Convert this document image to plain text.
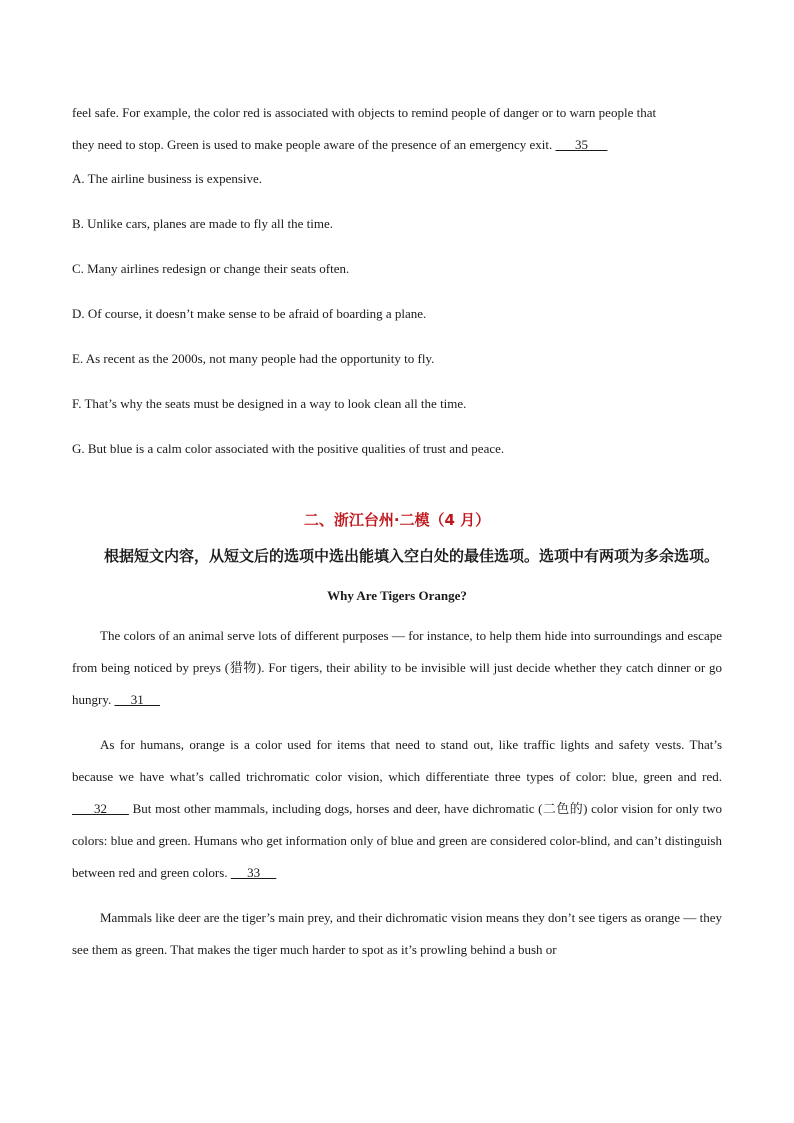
feel safe. For example, the color red is associated with objects to remind people of danger or to warn people that
they need to stop. Green is used to make people aware of the presence of an emergency exit.       35

A. The airline business is expensive.

B. Unlike cars, planes are made to fly all the time.

C. Many airlines redesign or change their seats often.

D. Of course, it doesn’t make sense to be afraid of boarding a plane.

E. As recent as the 2000s, not many people had the opportunity to fly.

F. That’s why the seats must be designed in a way to look clean all the time.

G. But blue is a calm color associated with the positive qualities of trust and peace.

二、浙江台州·二模（4 月）

根据短文内容，从短文后的选项中选出能填入空白处的最佳选项。选项中有两项为多余选项。

Why Are Tigers Orange?

The colors of an animal serve lots of different purposes — for instance, to help them hide into surroundings and escape from being noticed by preys (猎物). For tigers, their ability to be invisible will just decide whether they catch dinner or go hungry.      31

As for humans, orange is a color used for items that need to stand out, like traffic lights and safety vests. That’s because we have what’s called trichromatic color vision, which differentiate three types of color: blue, green and red.       32       But most other mammals, including dogs, horses and deer, have dichromatic (二色的) color vision for only two colors: blue and green. Humans who get information only of blue and green are considered color-blind, and can’t distinguish between red and green colors.      33

Mammals like deer are the tiger’s main prey, and their dichromatic vision means they don’t see tigers as orange — they see them as green. That makes the tiger much harder to spot as it’s prowling behind a bush or
